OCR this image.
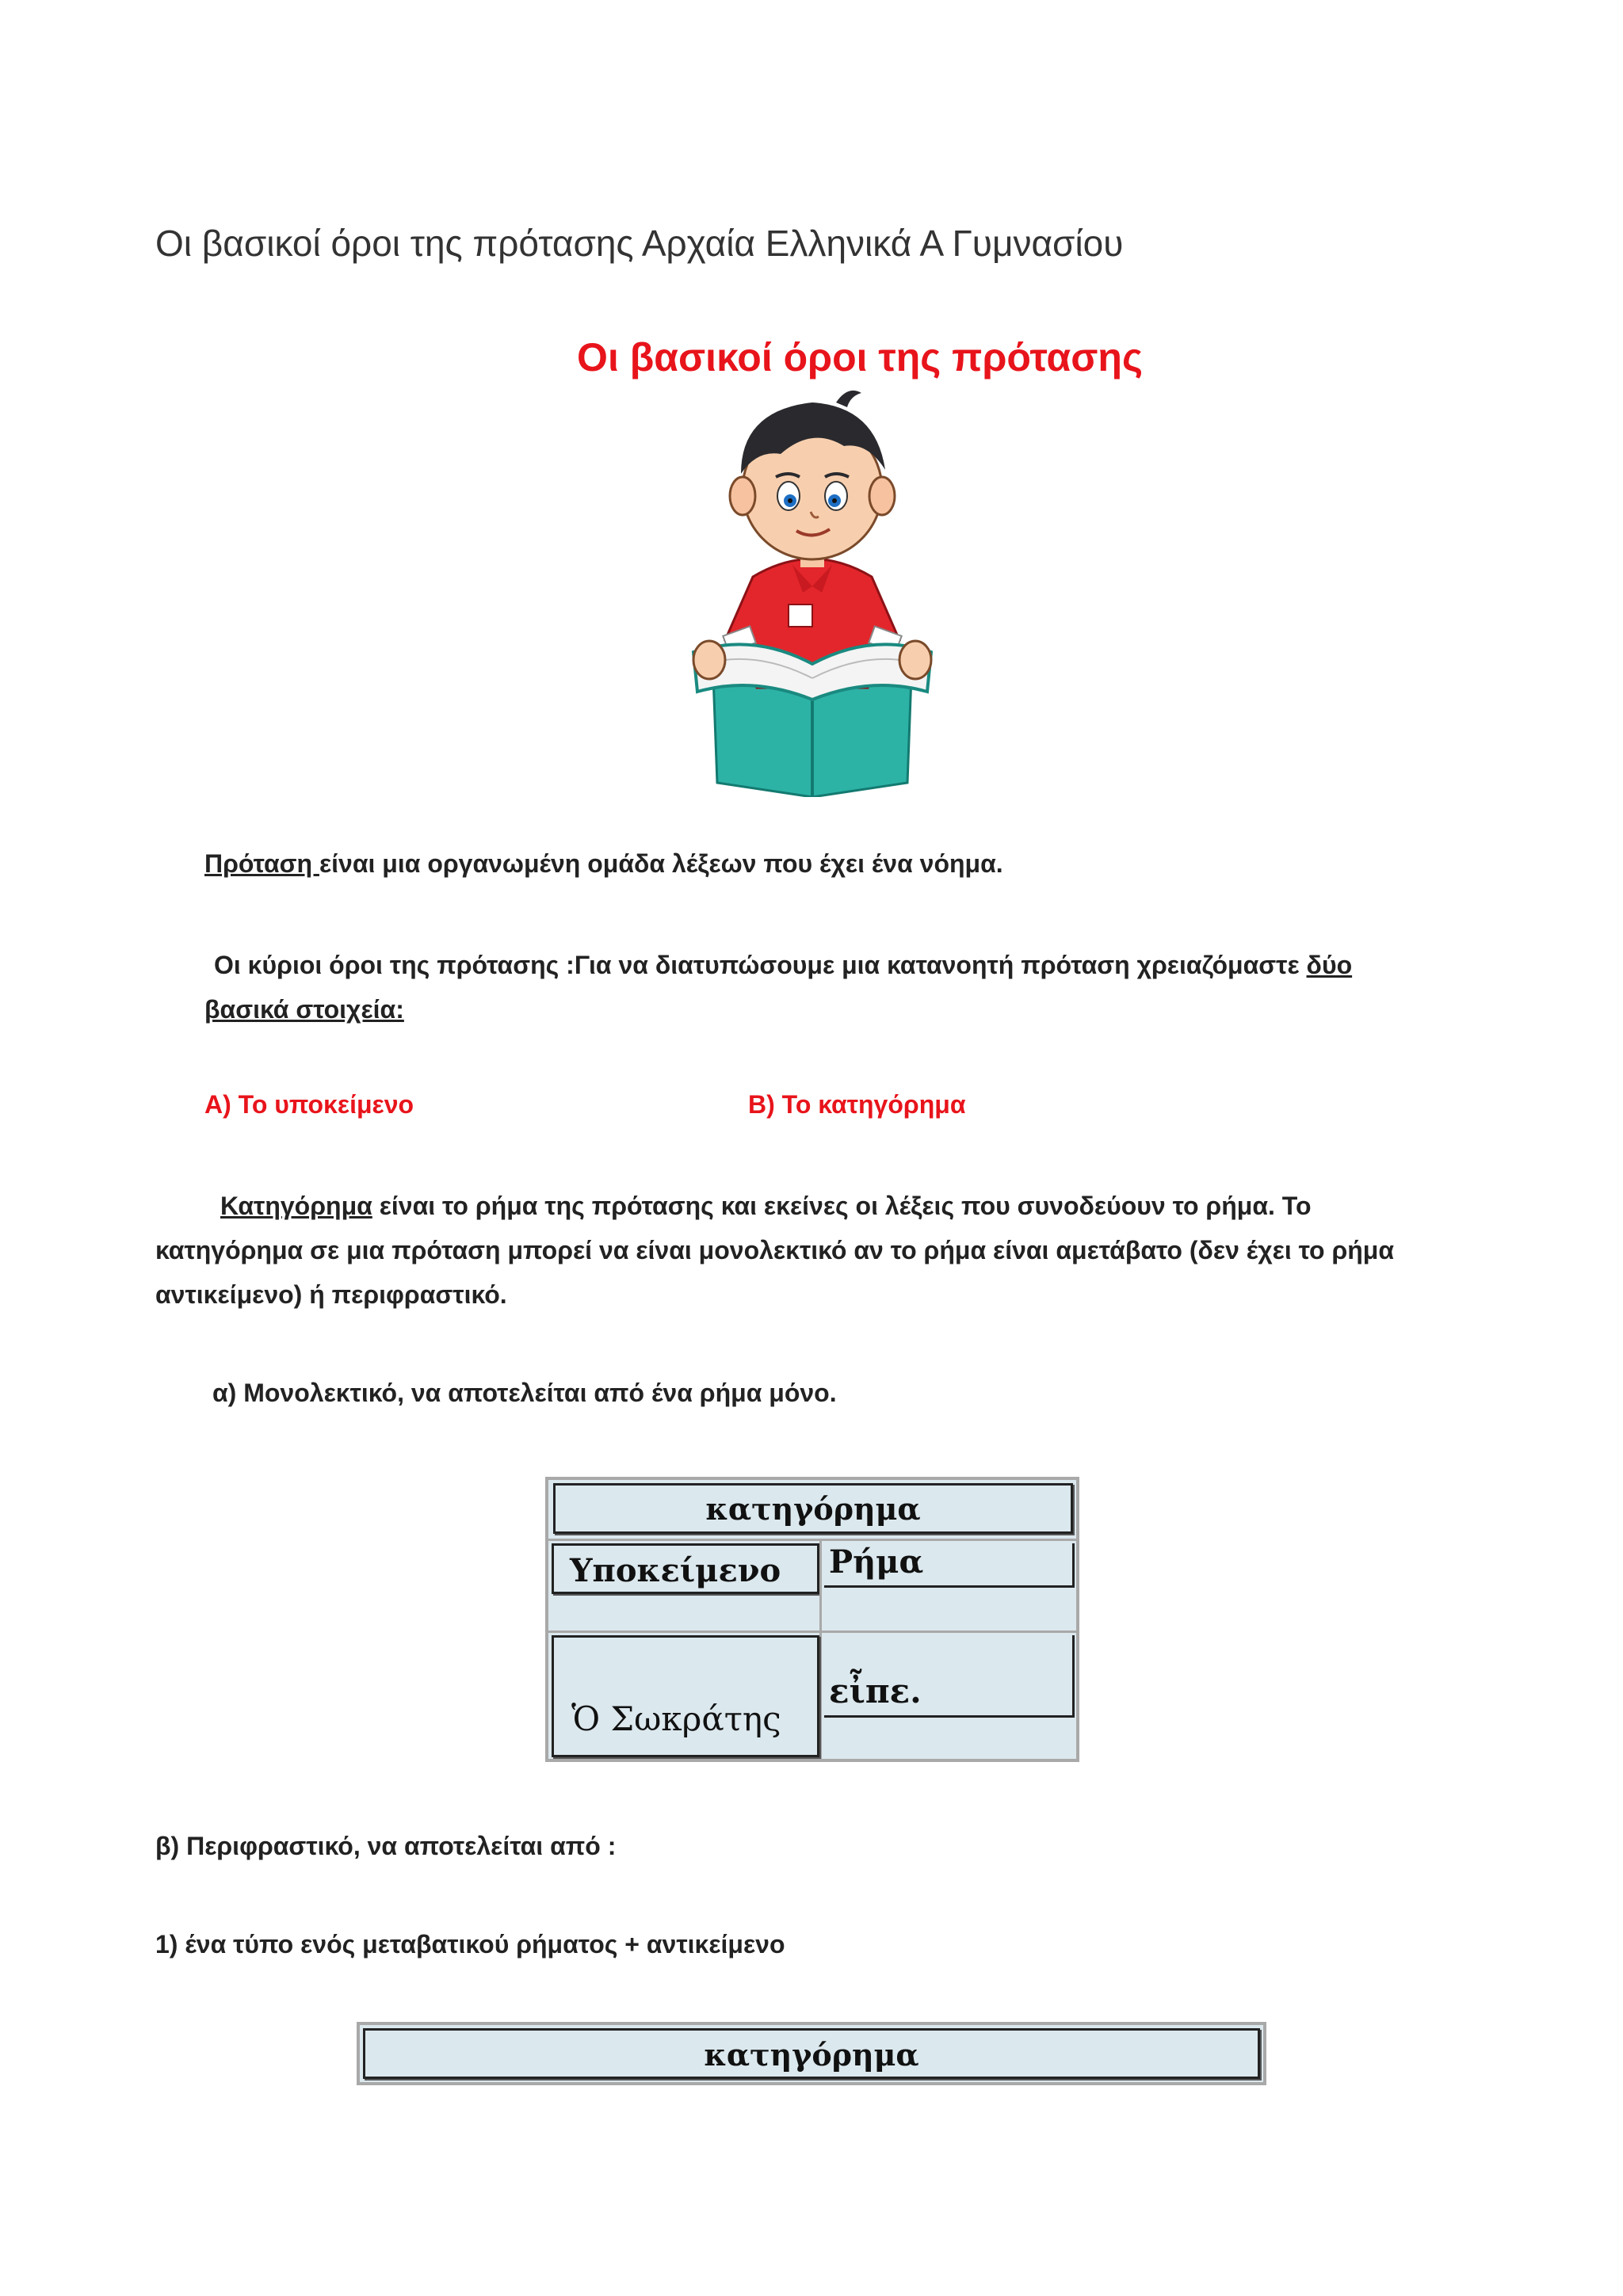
Οι βασικοί όροι της πρότασης Αρχαία Ελληνικά Α Γυμνασίου
Οι βασικοί όροι της πρότασης
Πρόταση είναι μια οργανωμένη ομάδα λέξεων που έχει ένα νόημα.
Οι κύριοι όροι της πρότασης :Για να διατυπώσουμε μια κατανοητή πρόταση χρειαζόμαστε δύο
βασικά στοιχεία:
Α) Το υποκείμενο	Β) Το κατηγόρημα
Κατηγόρημα είναι το ρήμα της πρότασης και εκείνες οι λέξεις που συνοδεύουν το ρήμα. Το
κατηγόρημα σε μια πρόταση μπορεί να είναι μονολεκτικό αν το ρήμα είναι αμετάβατο (δεν έχει το ρήμα
αντικείμενο) ή περιφραστικό.
α) Μονολεκτικό, να αποτελείται από ένα ρήμα μόνο.
κατηγόρημα
Υποκείμενο	Ρήμα
Ὁ Σωκράτης
εἶπε.
β) Περιφραστικό, να αποτελείται από :
1) ένα τύπο ενός μεταβατικού ρήματος + αντικείμενο
κατηγόρημα
